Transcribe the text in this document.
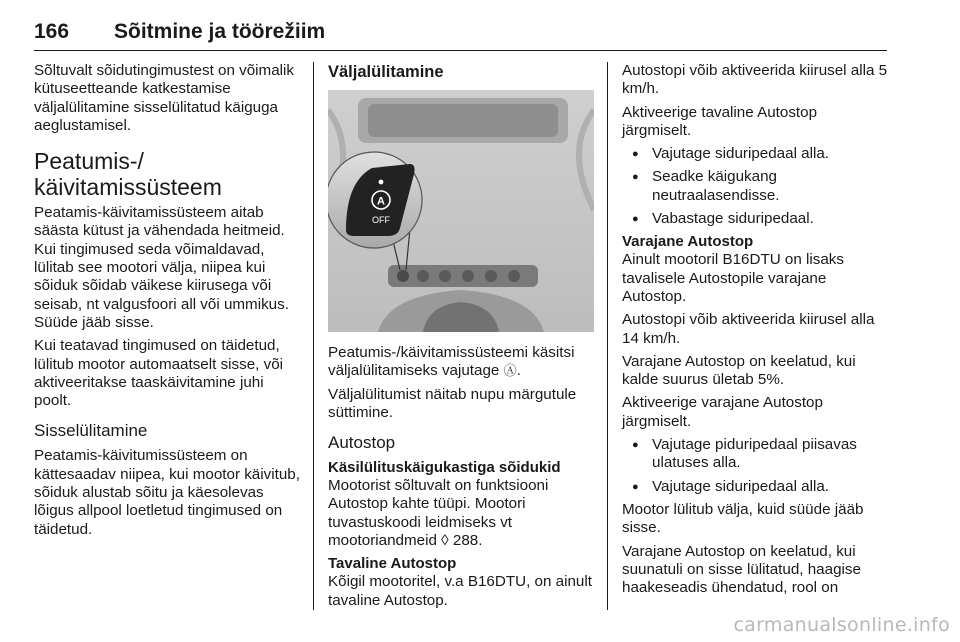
166 Sõitmine ja töörežiim

Sõltuvalt sõidutingimustest on võimalik kütuseetteande katkestamise väljalülitamine sisselülitatud käiguga aeglustamisel.

Peatumis-/ käivitamissüsteem

Peatamis-käivitamissüsteem aitab säästa kütust ja vähendada heitmeid. Kui tingimused seda võimaldavad, lülitab see mootori välja, niipea kui sõiduk sõidab väikese kiirusega või seisab, nt valgusfoori all või ummikus. Süüde jääb sisse.

Kui teatavad tingimused on täidetud, lülitub mootor automaatselt sisse, või aktiveeritakse taaskäivitamine juhi poolt.

Sisselülitamine

Peatamis-käivitumissüsteem on kättesaadav niipea, kui mootor käivitub, sõiduk alustab sõitu ja käesolevas lõigus allpool loetletud tingimused on täidetud.

Väljalülitamine
A
OFF

Peatumis-/käivitamissüsteemi käsitsi väljalülitamiseks vajutage Ⓐ.

Väljalülitumist näitab nupu märgutule süttimine.

Autostop
Käsilülituskäigukastiga sõidukid

Mootorist sõltuvalt on funktsiooni Autostop kahte tüüpi. Mootori tuvastuskoodi leidmiseks vt mootoriandmeid ◊ 288.

Tavaline Autostop

Kõigil mootoritel, v.a B16DTU, on ainult tavaline Autostop.

Autostopi võib aktiveerida kiirusel alla 5 km/h.

Aktiveerige tavaline Autostop järgmiselt.

● Vajutage siduripedaal alla.
● Seadke käigukang neutraalasendisse.
● Vabastage siduripedaal.
Varajane Autostop

Ainult mootoril B16DTU on lisaks tavalisele Autostopile varajane Autostop.

Autostopi võib aktiveerida kiirusel alla 14 km/h.

Varajane Autostop on keelatud, kui kalde suurus ületab 5%.

Aktiveerige varajane Autostop järgmiselt.

● Vajutage piduripedaal piisavas ulatuses alla.
● Vajutage siduripedaal alla.

Mootor lülitub välja, kuid süüde jääb sisse.

Varajane Autostop on keelatud, kui suunatuli on sisse lülitatud, haagise haakeseadis ühendatud, rool on

carmanualsonline.info
